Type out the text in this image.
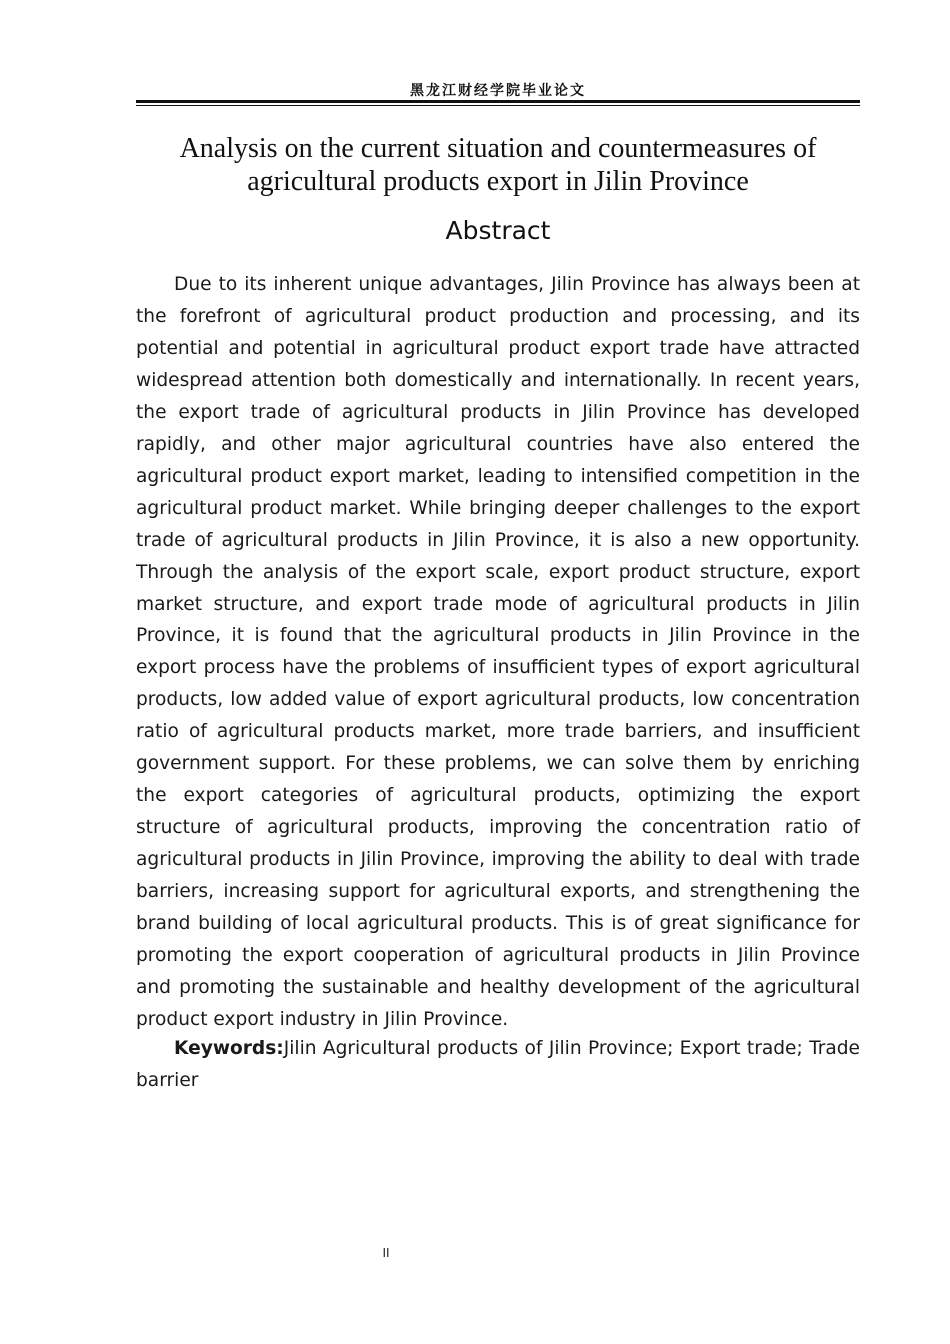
黑龙江财经学院毕业论文
Analysis on the current situation and countermeasures of
agricultural products export in Jilin Province
Abstract

Due to its inherent unique advantages, Jilin Province has always been at the forefront of agricultural product production and processing, and its potential and potential in agricultural product export trade have attracted widespread attention both domestically and internationally. In recent years, the export trade of agricultural products in Jilin Province has developed rapidly, and other major agricultural countries have also entered the agricultural product export market, leading to intensified competition in the agricultural product market. While bringing deeper challenges to the export trade of agricultural products in Jilin Province, it is also a new opportunity. Through the analysis of the export scale, export product structure, export market structure, and export trade mode of agricultural products in Jilin Province, it is found that the agricultural products in Jilin Province in the export process have the problems of insufficient types of export agricultural products, low added value of export agricultural products, low concentration ratio of agricultural products market, more trade barriers, and insufficient government support. For these problems, we can solve them by enriching the export categories of agricultural products, optimizing the export structure of agricultural products, improving the concentration ratio of agricultural products in Jilin Province, improving the ability to deal with trade barriers, increasing support for agricultural exports, and strengthening the brand building of local agricultural products. This is of great significance for promoting the export cooperation of agricultural products in Jilin Province and promoting the sustainable and healthy development of the agricultural product export industry in Jilin Province.

Keywords:Jilin Agricultural products of Jilin Province; Export trade; Trade barrier

II
